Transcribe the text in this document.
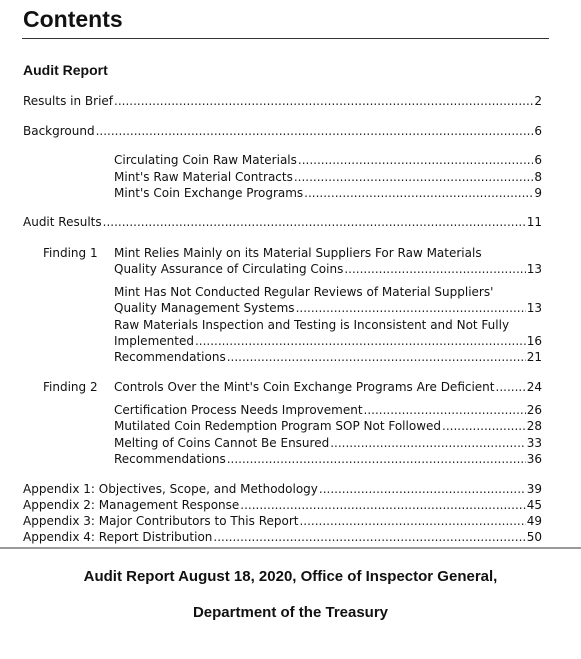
Contents
Audit Report
Results in Brief .....	2
Background .....	6
Circulating Coin Raw Materials .....	6
Mint's Raw Material Contracts .....	8
Mint's Coin Exchange Programs .....	9
Audit Results .....	11
Finding 1 Mint Relies Mainly on its Material Suppliers For Raw Materials
Quality Assurance of Circulating Coins .....	13
Mint Has Not Conducted Regular Reviews of Material Suppliers'
Quality Management Systems .....	13
Raw Materials Inspection and Testing is Inconsistent and Not Fully
Implemented .....	16
Recommendations .....	21
Finding 2 Controls Over the Mint's Coin Exchange Programs Are Deficient .....	24
Certification Process Needs Improvement .....	26
Mutilated Coin Redemption Program SOP Not Followed .....	28
Melting of Coins Cannot Be Ensured .....	33
Recommendations .....	36
Appendix 1: Objectives, Scope, and Methodology .....	39
Appendix 2: Management Response .....	45
Appendix 3: Major Contributors to This Report .....	49
Appendix 4: Report Distribution .....	50
Audit Report August 18, 2020, Office of Inspector General,
Department of the Treasury
